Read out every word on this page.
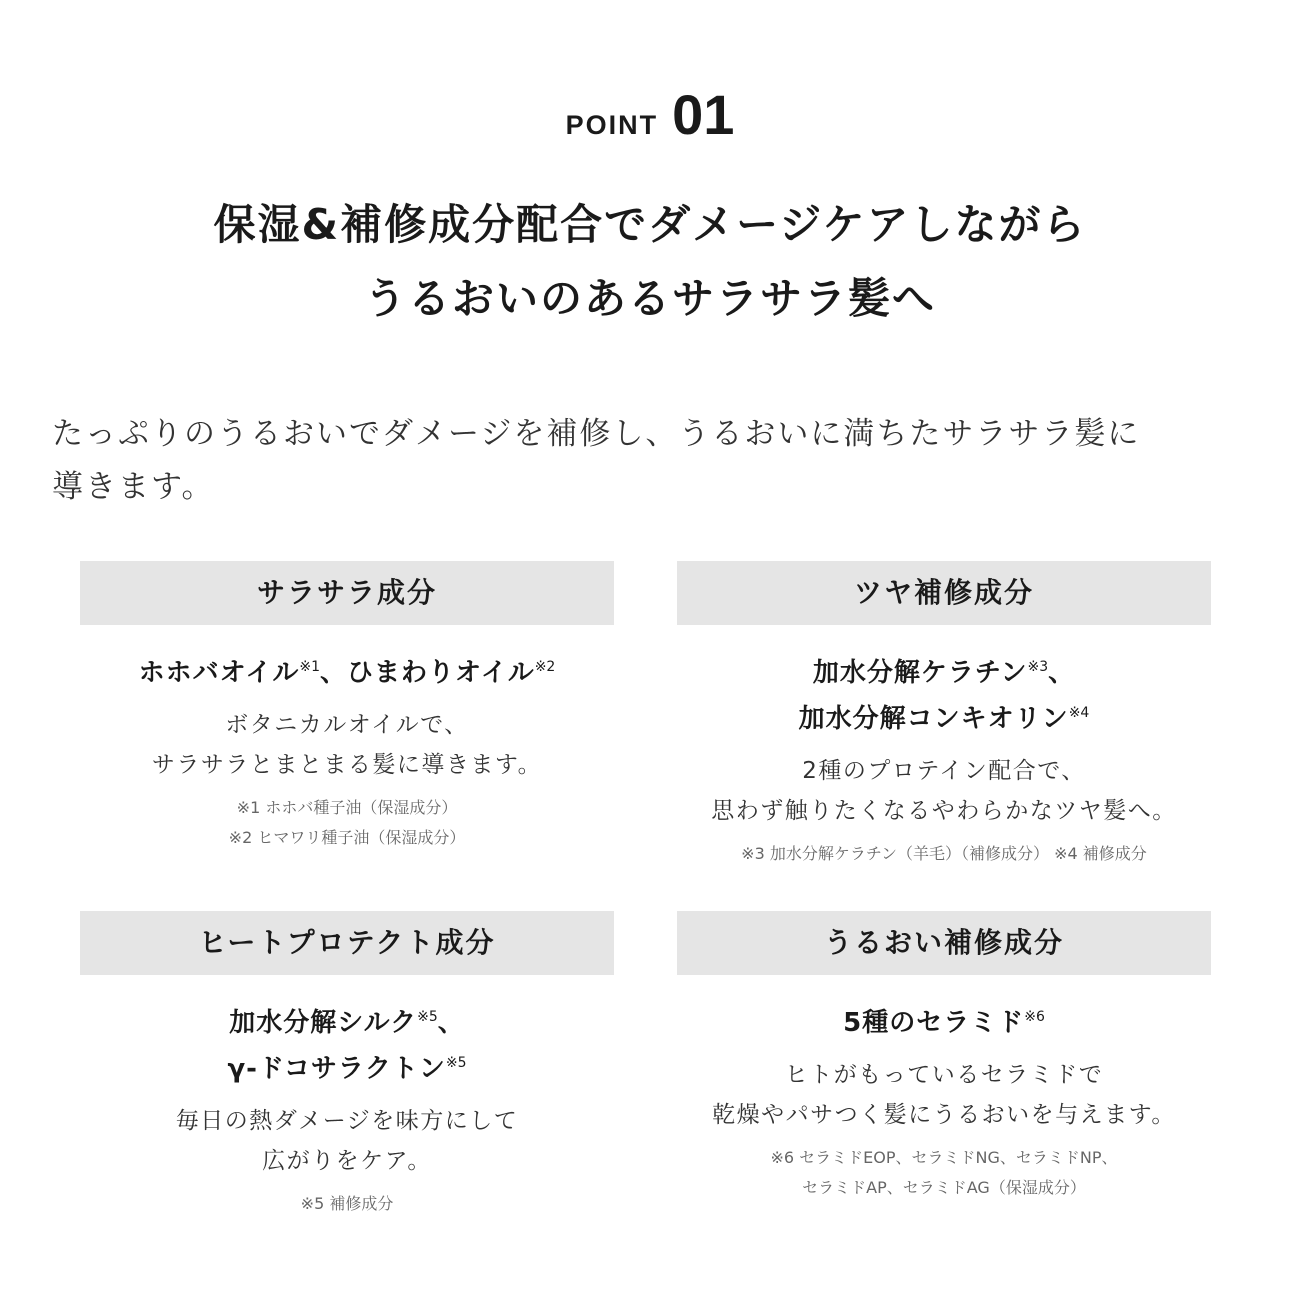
POINT 01
保湿&補修成分配合でダメージケアしながら
うるおいのあるサラサラ髪へ
たっぷりのうるおいでダメージを補修し、うるおいに満ちたサラサラ髪に
導きます。
サラサラ成分
ホホバオイル$^{※1}$、ひまわりオイル$^{※2}$
ボタニカルオイルで、
サラサラとまとまる髪に導きます。
※1 ホホバ種子油（保湿成分）
※2 ヒマワリ種子油（保湿成分）
ツヤ補修成分
加水分解ケラチン$^{※3}$、
加水分解コンキオリン$^{※4}$
2種のプロテイン配合で、
思わず触りたくなるやわらかなツヤ髪へ。
※3 加水分解ケラチン（羊毛）（補修成分） ※4 補修成分
ヒートプロテクト成分
加水分解シルク$^{※5}$、
γ-ドコサラクトン$^{※5}$
毎日の熱ダメージを味方にして
広がりをケア。
※5 補修成分
うるおい補修成分
5種のセラミド$^{※6}$
ヒトがもっているセラミドで
乾燥やパサつく髪にうるおいを与えます。
※6 セラミドEOP、セラミドNG、セラミドNP、
セラミドAP、セラミドAG（保湿成分）
